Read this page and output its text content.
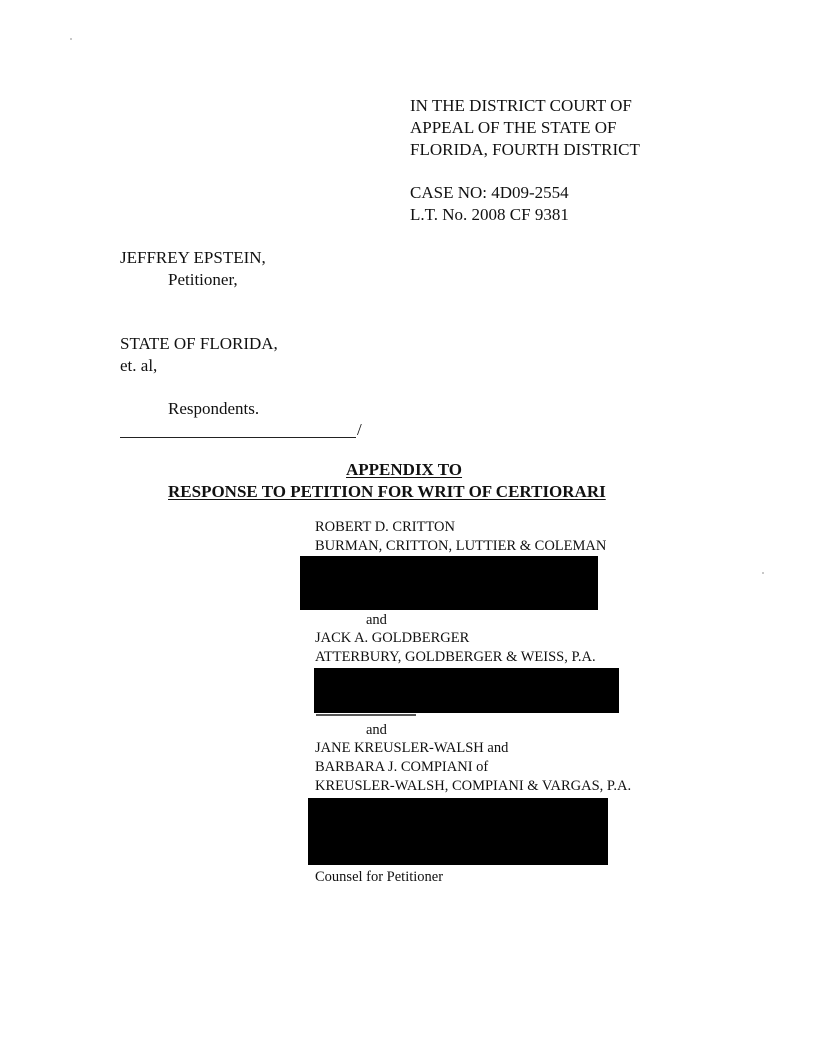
IN THE DISTRICT COURT OF
APPEAL OF THE STATE OF
FLORIDA, FOURTH DISTRICT
CASE NO: 4D09-2554
L.T. No. 2008 CF 9381
JEFFREY EPSTEIN,
Petitioner,
STATE OF FLORIDA,
et. al,
Respondents.
/
APPENDIX TO
RESPONSE TO PETITION FOR WRIT OF CERTIORARI
ROBERT D. CRITTON
BURMAN, CRITTON, LUTTIER & COLEMAN
and
JACK A. GOLDBERGER
ATTERBURY, GOLDBERGER & WEISS, P.A.
and
JANE KREUSLER-WALSH and
BARBARA J. COMPIANI of
KREUSLER-WALSH, COMPIANI & VARGAS, P.A.
Counsel for Petitioner
